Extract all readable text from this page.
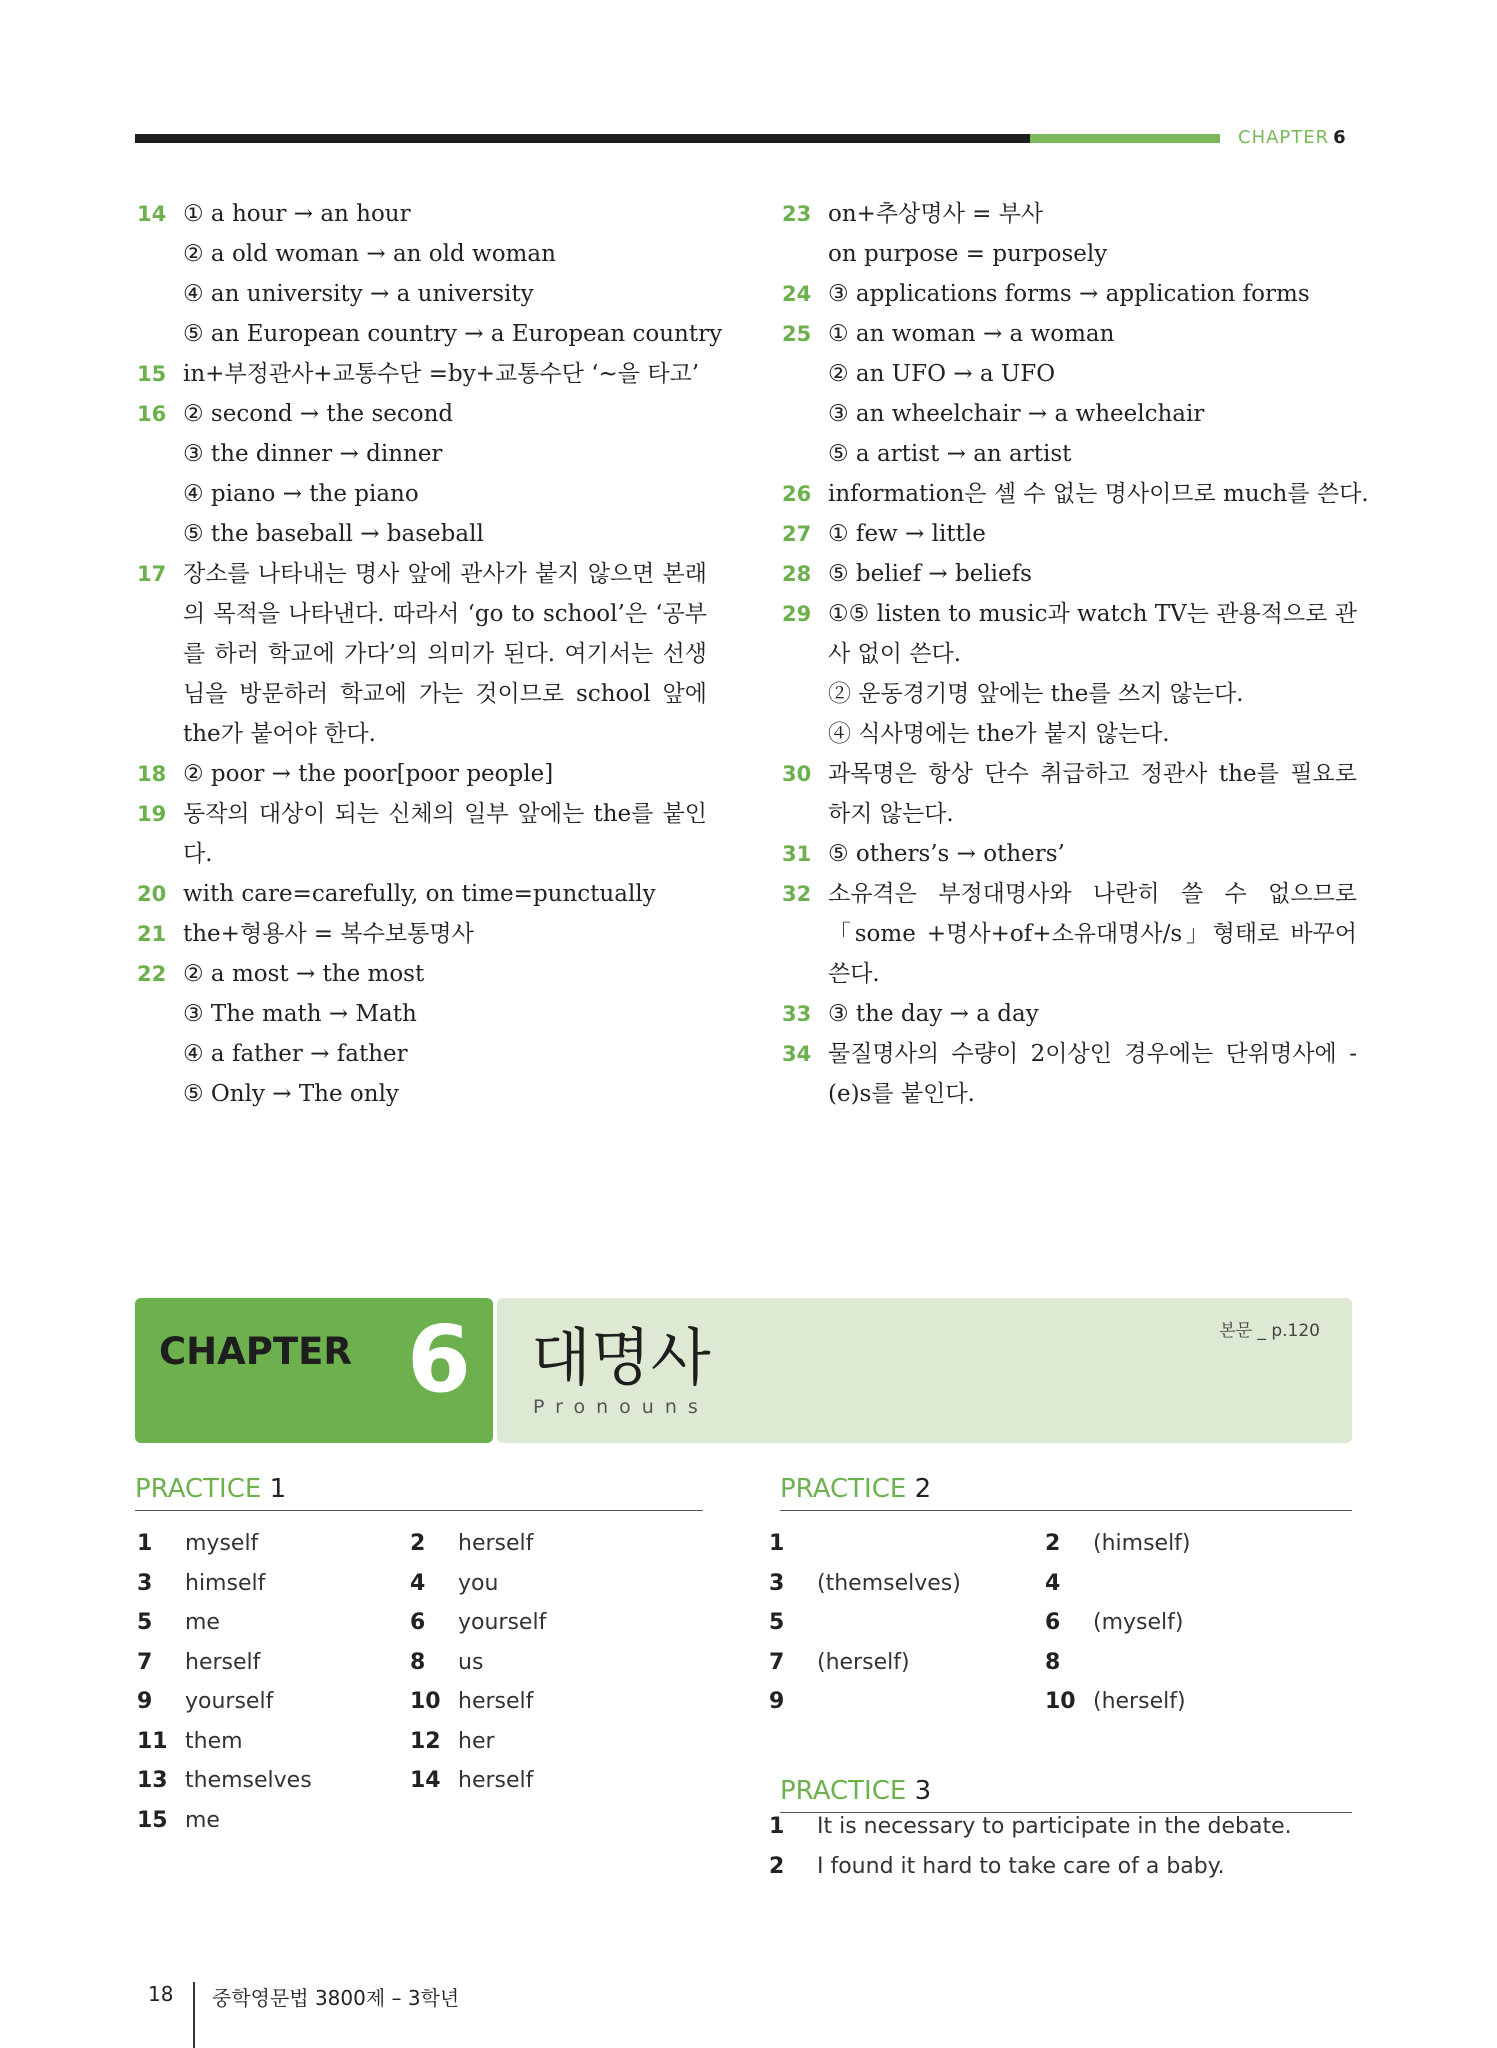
CHAPTER 6
14 ① a hour → an hour
② a old woman → an old woman
④ an university → a university
⑤ an European country → a European country
15 in+부정관사+교통수단 =by+교통수단 ‘~을 타고’
16 ② second → the second
③ the dinner → dinner
④ piano → the piano
⑤ the baseball → baseball
17 장소를 나타내는 명사 앞에 관사가 붙지 않으면 본래의 목적을 나타낸다. 따라서 ‘go to school’은 ‘공부를 하러 학교에 가다’의 의미가 된다. 여기서는 선생님을 방문하러 학교에 가는 것이므로 school 앞에 the가 붙어야 한다.
18 ② poor → the poor[poor people]
19 동작의 대상이 되는 신체의 일부 앞에는 the를 붙인다.
20 with care=carefully, on time=punctually
21 the+형용사 = 복수보통명사
22 ② a most → the most
③ The math → Math
④ a father → father
⑤ Only → The only
23 on+추상명사 = 부사
on purpose = purposely
24 ③ applications forms → application forms
25 ① an woman → a woman
② an UFO → a UFO
③ an wheelchair → a wheelchair
⑤ a artist → an artist
26 information은 셀 수 없는 명사이므로 much를 쓴다.
27 ① few → little
28 ⑤ belief → beliefs
29 ①⑤ listen to music과 watch TV는 관용적으로 관사 없이 쓴다.
② 운동경기명 앞에는 the를 쓰지 않는다.
④ 식사명에는 the가 붙지 않는다.
30 과목명은 항상 단수 취급하고 정관사 the를 필요로 하지 않는다.
31 ⑤ others’s → others’
32 소유격은 부정대명사와 나란히 쓸 수 없으므로「some +명사+of+소유대명사/s」형태로 바꾸어 쓴다.
33 ③ the day → a day
34 물질명사의 수량이 2이상인 경우에는 단위명사에 -(e)s를 붙인다.
CHAPTER 6 대명사
Pronouns
본문 _ p.120
PRACTICE 1	PRACTICE 2
PRACTICE 3
1 myself
3 himself
5 me
7 herself
9 yourself
11 them
13 themselves
15 me
2 herself
4 you
6 yourself
8 us
10 herself
12 her
14 herself
1
3 (themselves)
5
7 (herself)
9
2 (himself)
4
6 (myself)
8
10 (herself)
1 It is necessary to participate in the debate.
2 I found it hard to take care of a baby.
18 중학영문법 3800제 – 3학년
